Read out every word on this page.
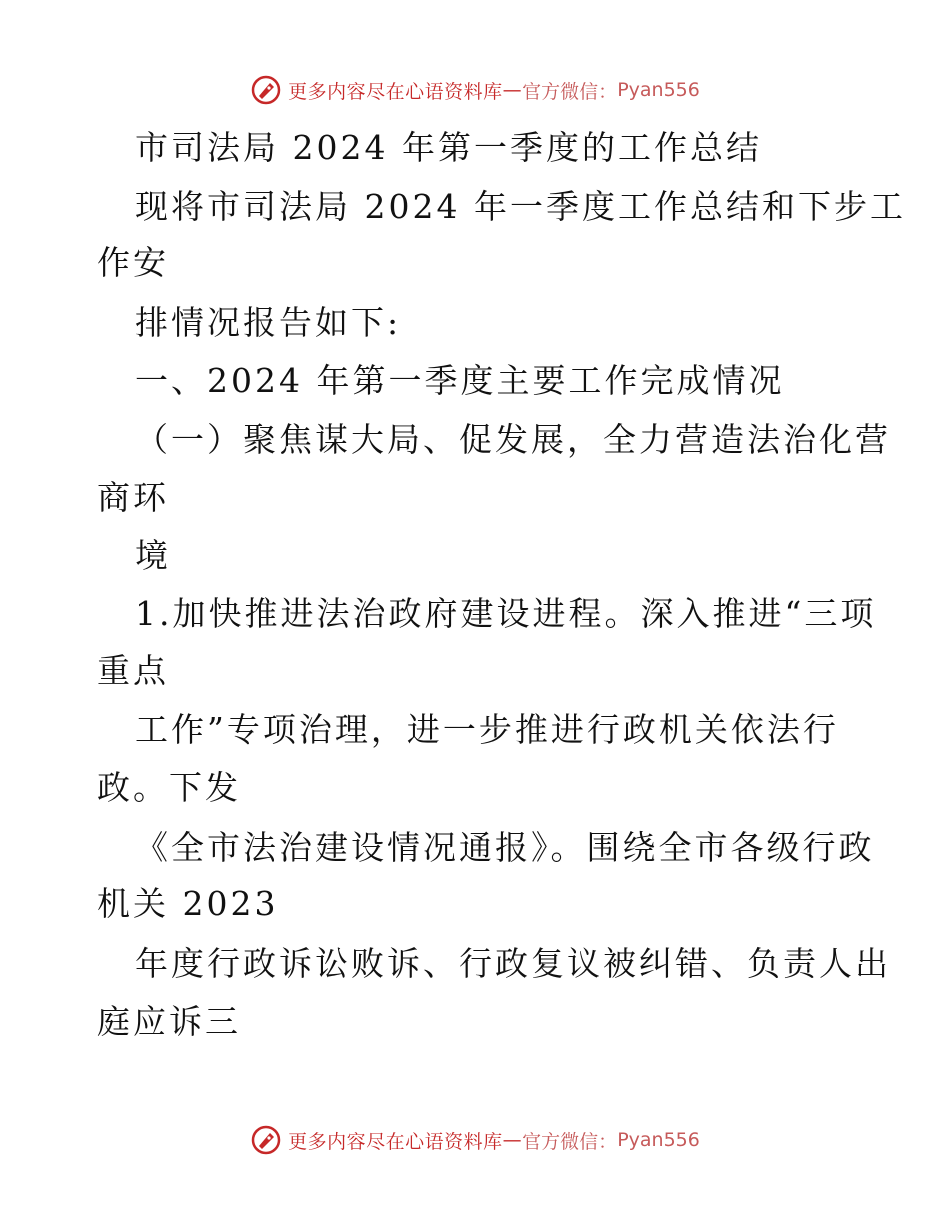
更多内容尽在心语资料库 — 官方微信： Pyan556
市司法局 2024 年第一季度的工作总结
现将市司法局 2024 年一季度工作总结和下步工
作安
排情况报告如下:
一、2024 年第一季度主要工作完成情况
（一）聚焦谋大局、促发展，全力营造法治化营
商环
境
1.加快推进法治政府建设进程。深入推进“三项
重点
工作”专项治理，进一步推进行政机关依法行
政。下发
《全市法治建设情况通报》。围绕全市各级行政
机关 2023
年度行政诉讼败诉、行政复议被纠错、负责人出
庭应诉三
更多内容尽在心语资料库 — 官方微信： Pyan556
